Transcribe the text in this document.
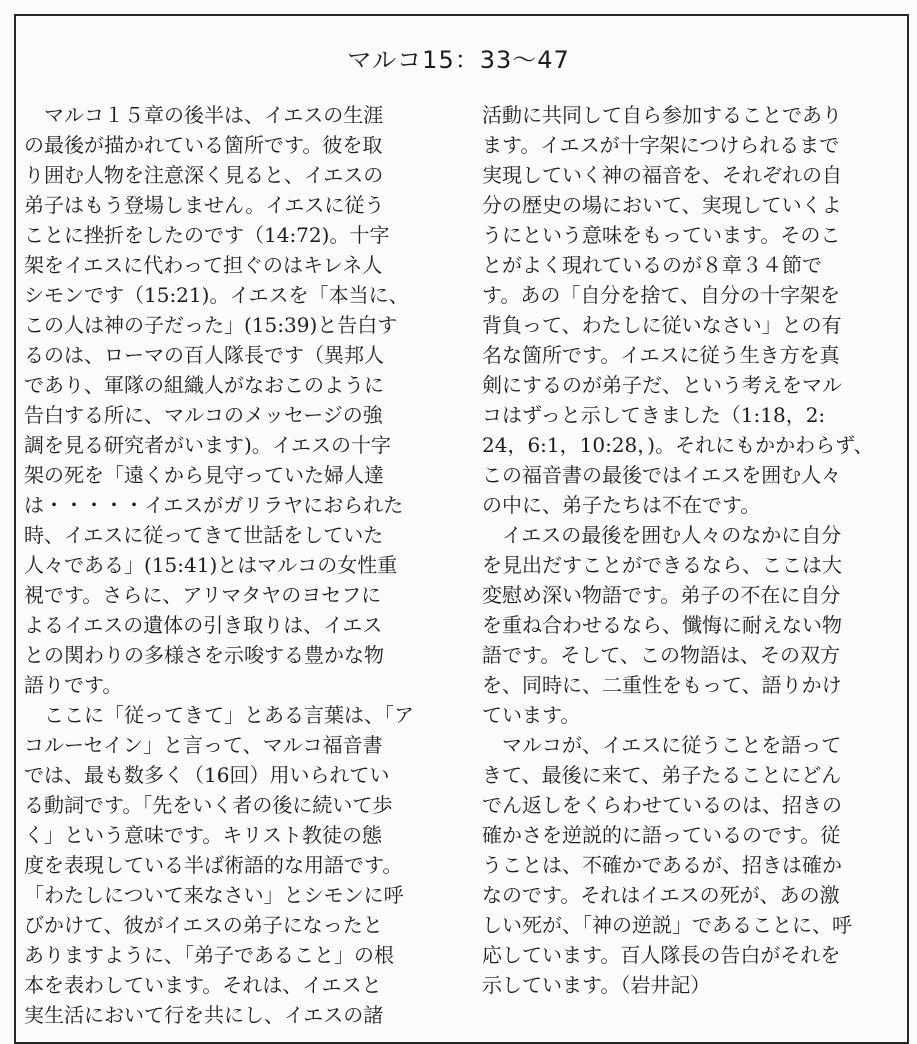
マルコ15：33～47
　マルコ１５章の後半は、イエスの生涯
の最後が描かれている箇所です。彼を取
り囲む人物を注意深く見ると、イエスの
弟子はもう登場しません。イエスに従う
ことに挫折をしたのです（14:72)。十字
架をイエスに代わって担ぐのはキレネ人
シモンです（15:21)。イエスを「本当に、
この人は神の子だった」(15:39)と告白す
るのは、ローマの百人隊長です（異邦人
であり、軍隊の組織人がなおこのように
告白する所に、マルコのメッセージの強
調を見る研究者がいます)。イエスの十字
架の死を「遠くから見守っていた婦人達
は・・・・・イエスがガリラヤにおられた
時、イエスに従ってきて世話をしていた
人々である」(15:41)とはマルコの女性重
視です。さらに、アリマタヤのヨセフに
よるイエスの遺体の引き取りは、イエス
との関わりの多様さを示唆する豊かな物
語りです。
　ここに「従ってきて」とある言葉は、「ア
コルーセイン」と言って、マルコ福音書
では、最も数多く（16回）用いられてい
る動詞です。「先をいく者の後に続いて歩
く」という意味です。キリスト教徒の態
度を表現している半ば術語的な用語です。
「わたしについて来なさい」とシモンに呼
びかけて、彼がイエスの弟子になったと
ありますように、「弟子であること」の根
本を表わしています。それは、イエスと
実生活において行を共にし、イエスの諸
活動に共同して自ら参加することであり
ます。イエスが十字架につけられるまで
実現していく神の福音を、それぞれの自
分の歴史の場において、実現していくよ
うにという意味をもっています。そのこ
とがよく現れているのが８章３４節で
す。あの「自分を捨て、自分の十字架を
背負って、わたしに従いなさい」との有
名な箇所です。イエスに従う生き方を真
剣にするのが弟子だ、という考えをマル
コはずっと示してきました（1:18，2:
24，6:1，10:28，)。それにもかかわらず、
この福音書の最後ではイエスを囲む人々
の中に、弟子たちは不在です。
　イエスの最後を囲む人々のなかに自分
を見出だすことができるなら、ここは大
変慰め深い物語です。弟子の不在に自分
を重ね合わせるなら、懺悔に耐えない物
語です。そして、この物語は、その双方
を、同時に、二重性をもって、語りかけ
ています。
　マルコが、イエスに従うことを語って
きて、最後に来て、弟子たることにどん
でん返しをくらわせているのは、招きの
確かさを逆説的に語っているのです。従
うことは、不確かであるが、招きは確か
なのです。それはイエスの死が、あの激
しい死が、「神の逆説」であることに、呼
応しています。百人隊長の告白がそれを
示しています。（岩井記）
